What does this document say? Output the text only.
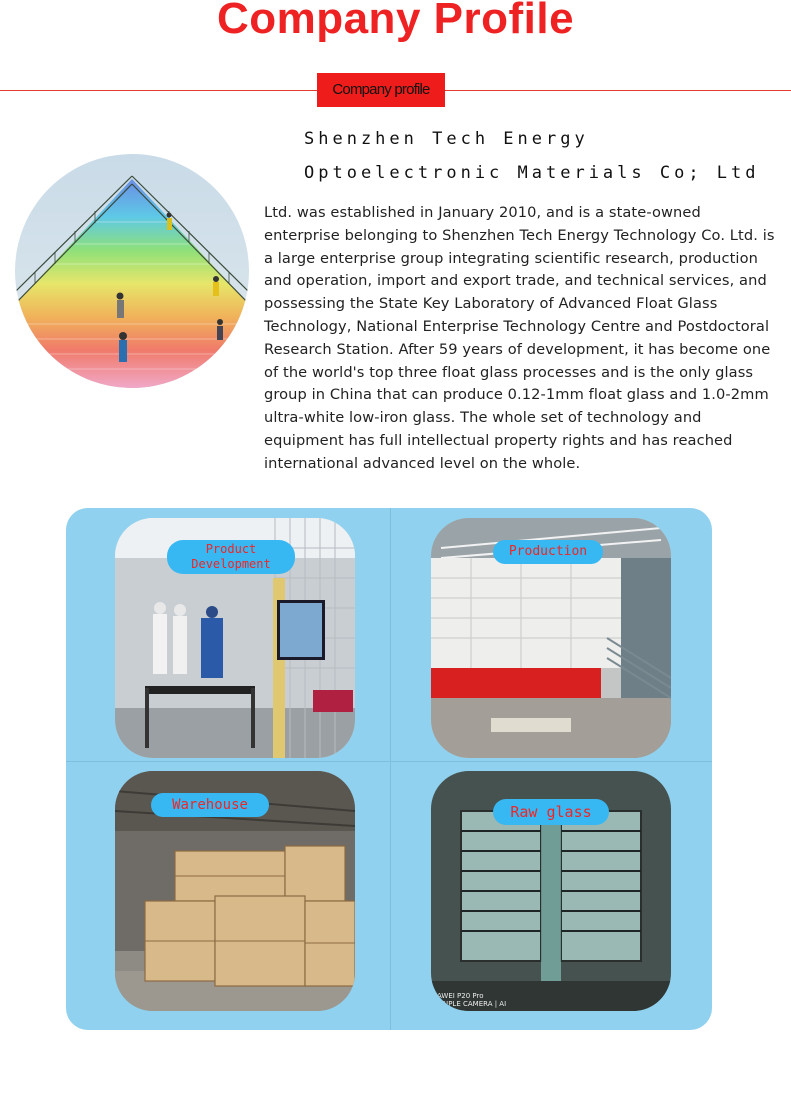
Company Profile
Company profile
Shenzhen Tech Energy
Optoelectronic Materials Co; Ltd
Ltd. was established in January 2010, and is a state-owned enterprise belonging to Shenzhen Tech Energy Technology Co. Ltd. is a large enterprise group integrating scientific research, production and operation, import and export trade, and technical services, and possessing the State Key Laboratory of Advanced Float Glass Technology, National Enterprise Technology Centre and Postdoctoral Research Station. After 59 years of development, it has become one of the world's top three float glass processes and is the only glass group in China that can produce 0.12-1mm float glass and 1.0-2mm ultra-white low-iron glass. The whole set of technology and equipment has full intellectual property rights and has reached international advanced level on the whole.
Product
Development
Production
Warehouse	Raw glass
AWEI P20 Pro
TRIPLE CAMERA | AI
